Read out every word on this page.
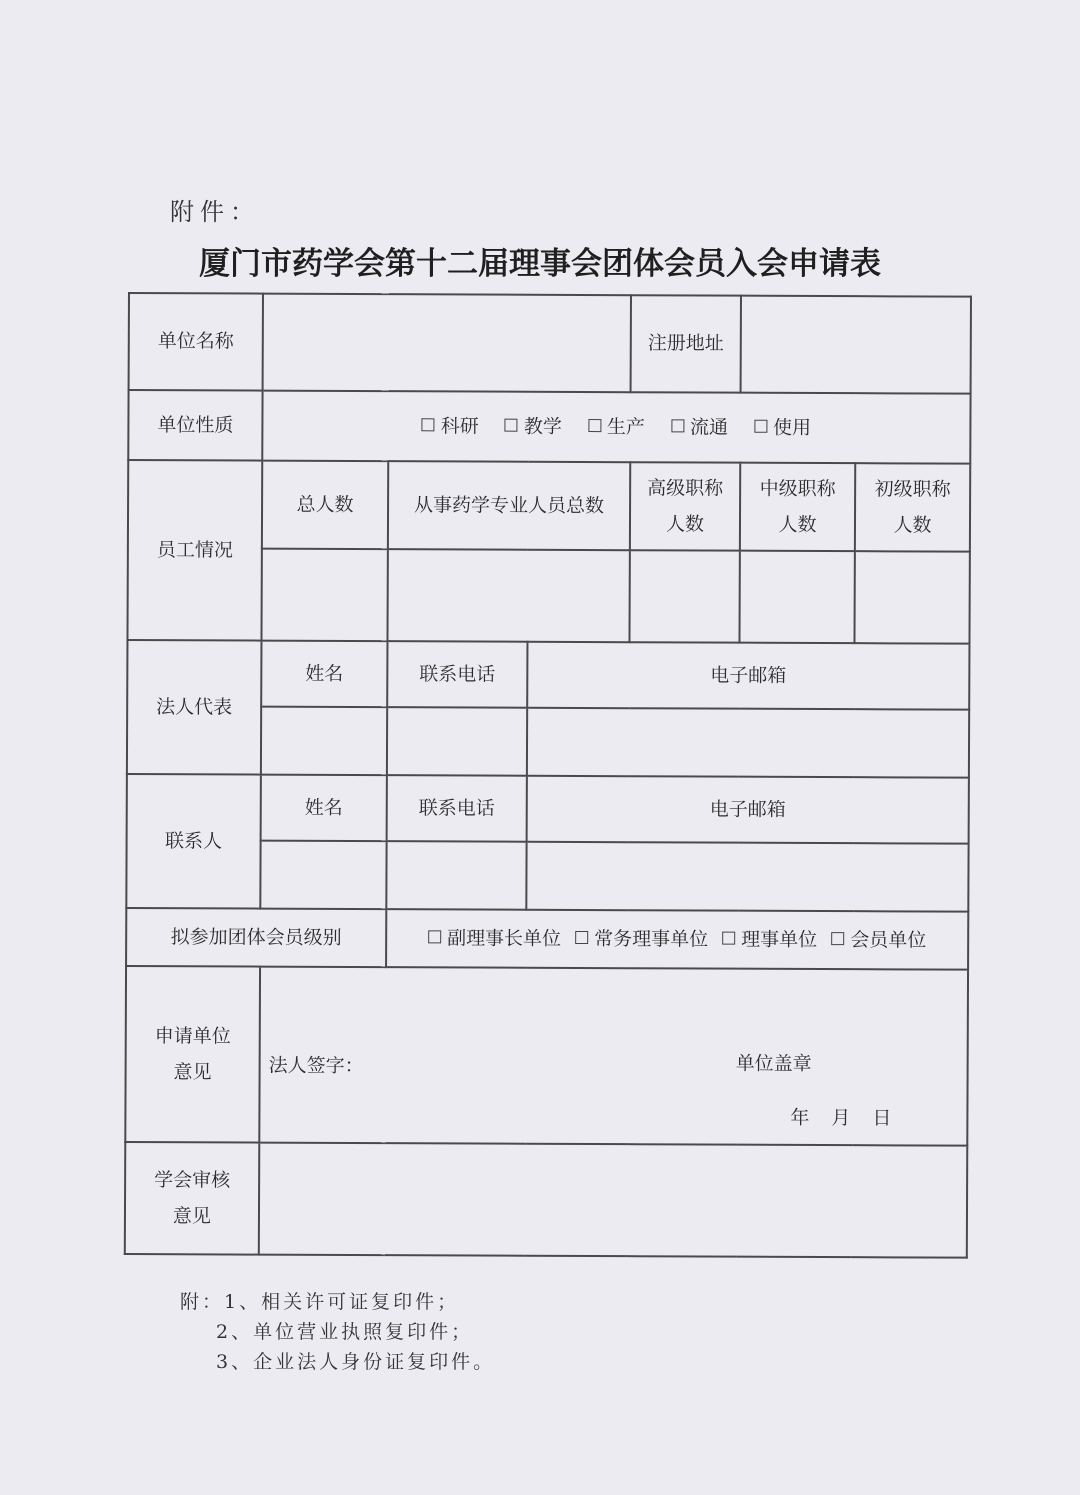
附件：
厦门市药学会第十二届理事会团体会员入会申请表
单位名称				注册地址		
单位性质	科研 教学 生产 流通 使用					
员工情况	总人数	从事药学专业人员总数		高级职称人数	中级职称人数	初级职称人数

法人代表	姓名	联系电话	电子邮箱			

联系人	姓名	联系电话	电子邮箱			

拟参加团体会员级别		副理事长单位 常务理事单位 理事单位 会员单位				
申请单位意见	法人签字： 单位盖章
年 月 日					

学会审核意见						
附：1、相关许可证复印件；
2、单位营业执照复印件；
3、企业法人身份证复印件。
